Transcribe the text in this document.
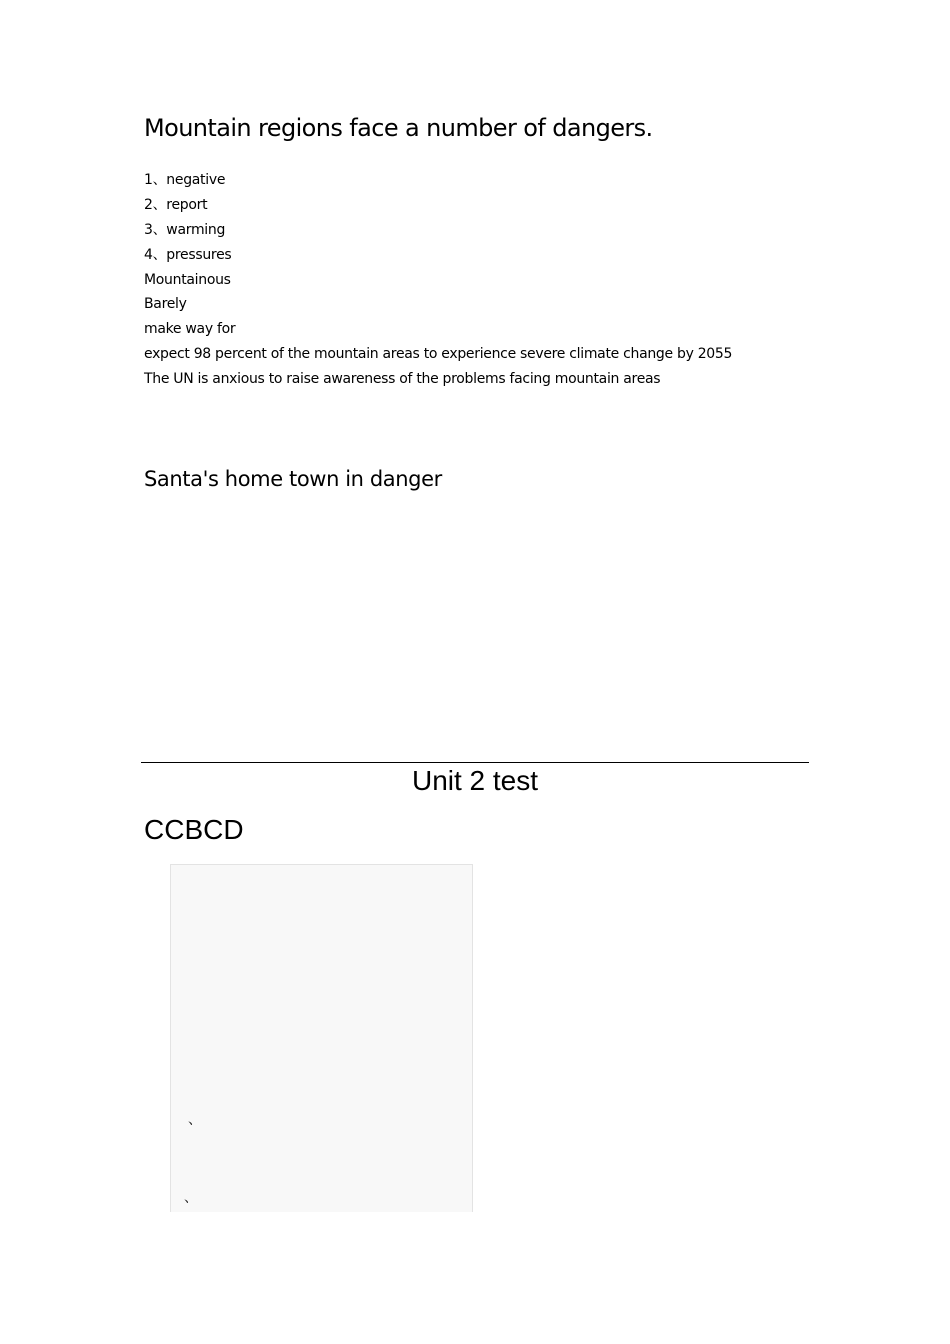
Mountain regions face a number of dangers.
1、negative
2、report
3、warming
4、pressures
Mountainous
Barely
make way for
expect 98 percent of the mountain areas to experience severe climate change by 2055
The UN is anxious to raise awareness of the problems facing mountain areas
Santa's home town in danger
Unit 2 test
CCBCD
、
、
